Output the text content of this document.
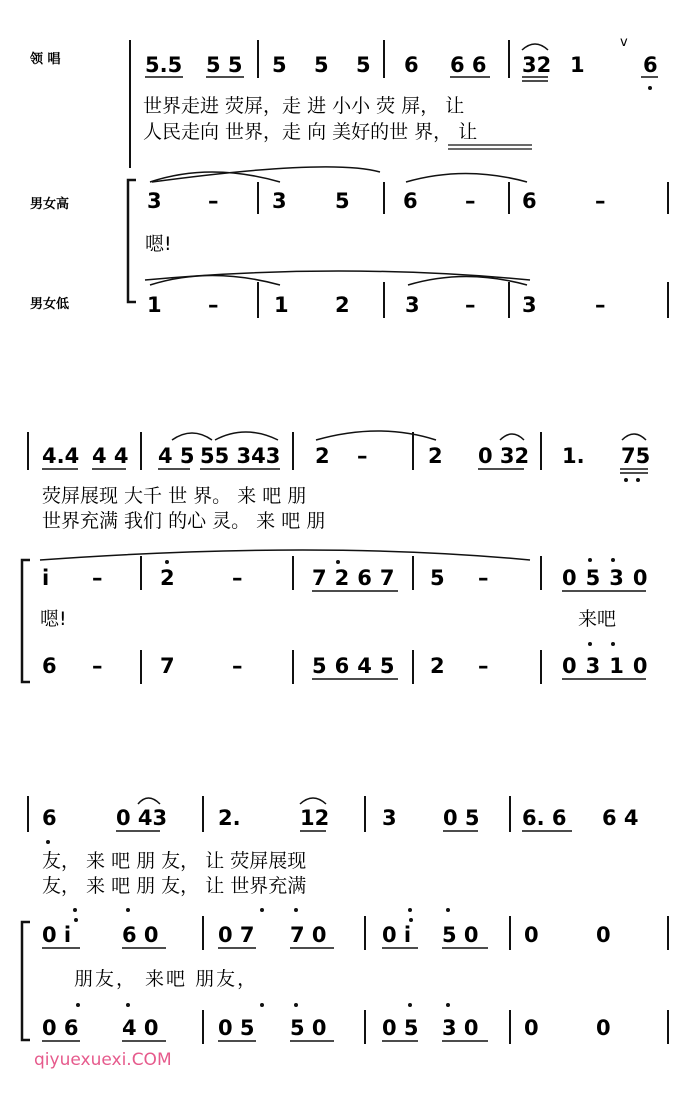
领 唱
男女高
男女低
5.5 5 5 5 5 5 6 6 6 32 1	6
v
世界走进 荧屏，走 进 小小 荧 屏， 让
人民走向 世界，走 向 美好的世 界， 让
3 –	3 5	6 – 6	–
嗯!
1 –	1 2	3 – 3	–
4.4 4 4 4 5 55 343 2 –	2 0 32 1. 75
荧屏展现 大千 世 界。 来 吧 朋
世界充满 我们 的心 灵。 来 吧 朋
i –	2	–	7267 5 –	0530
嗯!	来吧
6 –	7	–	5645 2 –	0310
6	0 43 2.	12	3 0 5 6. 6 6 4
友， 来 吧 朋 友， 让 荧屏展现
友， 来 吧 朋 友， 让 世界充满
0 i 6 0	0 7 7 0	0 i 5 0 0	0
朋友， 来吧 朋友，
0 6 4 0	0 5 5 0	0 5 3 0 0	0
qiyuexuexi.COM
